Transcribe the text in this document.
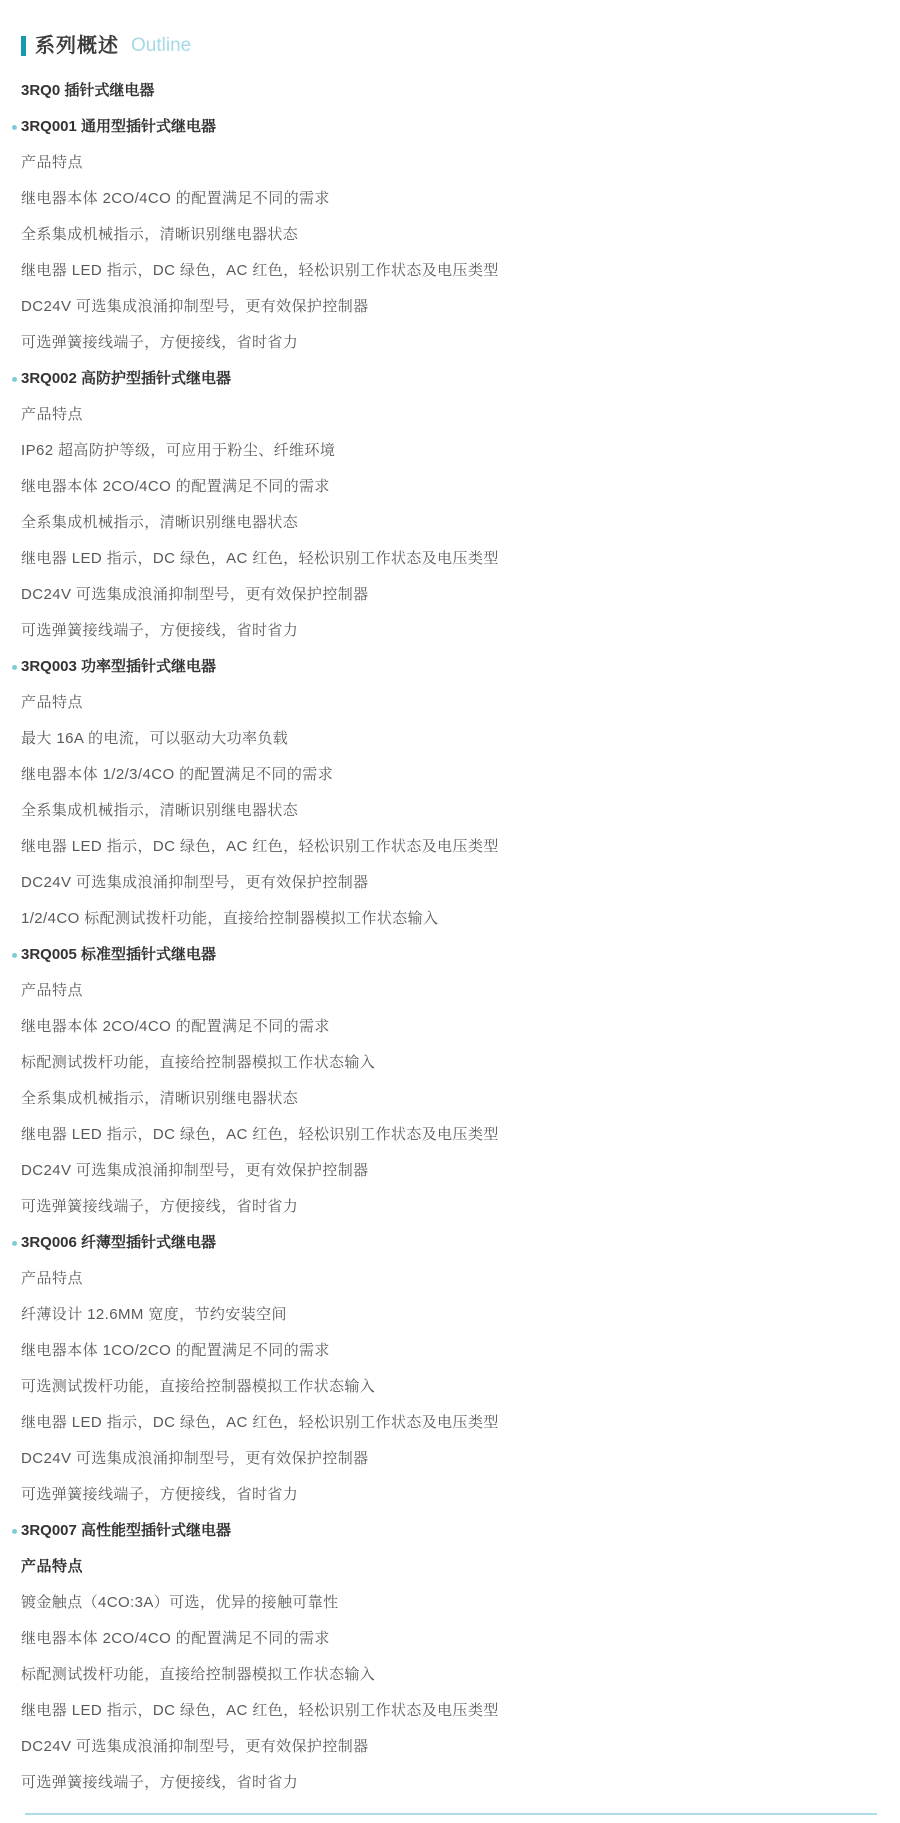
系列概述 Outline
3RQ0 插针式继电器
3RQ001 通用型插针式继电器
产品特点
继电器本体 2CO/4CO 的配置满足不同的需求
全系集成机械指示，清晰识别继电器状态
继电器 LED 指示，DC 绿色，AC 红色，轻松识别工作状态及电压类型
DC24V 可选集成浪涌抑制型号，更有效保护控制器
可选弹簧接线端子，方便接线，省时省力
3RQ002 高防护型插针式继电器
产品特点
IP62 超高防护等级，可应用于粉尘、纤维环境
继电器本体 2CO/4CO 的配置满足不同的需求
全系集成机械指示，清晰识别继电器状态
继电器 LED 指示，DC 绿色，AC 红色，轻松识别工作状态及电压类型
DC24V 可选集成浪涌抑制型号，更有效保护控制器
可选弹簧接线端子，方便接线，省时省力
3RQ003 功率型插针式继电器
产品特点
最大 16A 的电流，可以驱动大功率负载
继电器本体 1/2/3/4CO 的配置满足不同的需求
全系集成机械指示，清晰识别继电器状态
继电器 LED 指示，DC 绿色，AC 红色，轻松识别工作状态及电压类型
DC24V 可选集成浪涌抑制型号，更有效保护控制器
1/2/4CO 标配测试拨杆功能，直接给控制器模拟工作状态输入
3RQ005 标准型插针式继电器
产品特点
继电器本体 2CO/4CO 的配置满足不同的需求
标配测试拨杆功能，直接给控制器模拟工作状态输入
全系集成机械指示，清晰识别继电器状态
继电器 LED 指示，DC 绿色，AC 红色，轻松识别工作状态及电压类型
DC24V 可选集成浪涌抑制型号，更有效保护控制器
可选弹簧接线端子，方便接线，省时省力
3RQ006 纤薄型插针式继电器
产品特点
纤薄设计 12.6MM 宽度，节约安装空间
继电器本体 1CO/2CO 的配置满足不同的需求
可选测试拨杆功能，直接给控制器模拟工作状态输入
继电器 LED 指示，DC 绿色，AC 红色，轻松识别工作状态及电压类型
DC24V 可选集成浪涌抑制型号，更有效保护控制器
可选弹簧接线端子，方便接线，省时省力
3RQ007 高性能型插针式继电器
产品特点
镀金触点（4CO:3A）可选，优异的接触可靠性
继电器本体 2CO/4CO 的配置满足不同的需求
标配测试拨杆功能，直接给控制器模拟工作状态输入
继电器 LED 指示，DC 绿色，AC 红色，轻松识别工作状态及电压类型
DC24V 可选集成浪涌抑制型号，更有效保护控制器
可选弹簧接线端子，方便接线，省时省力
